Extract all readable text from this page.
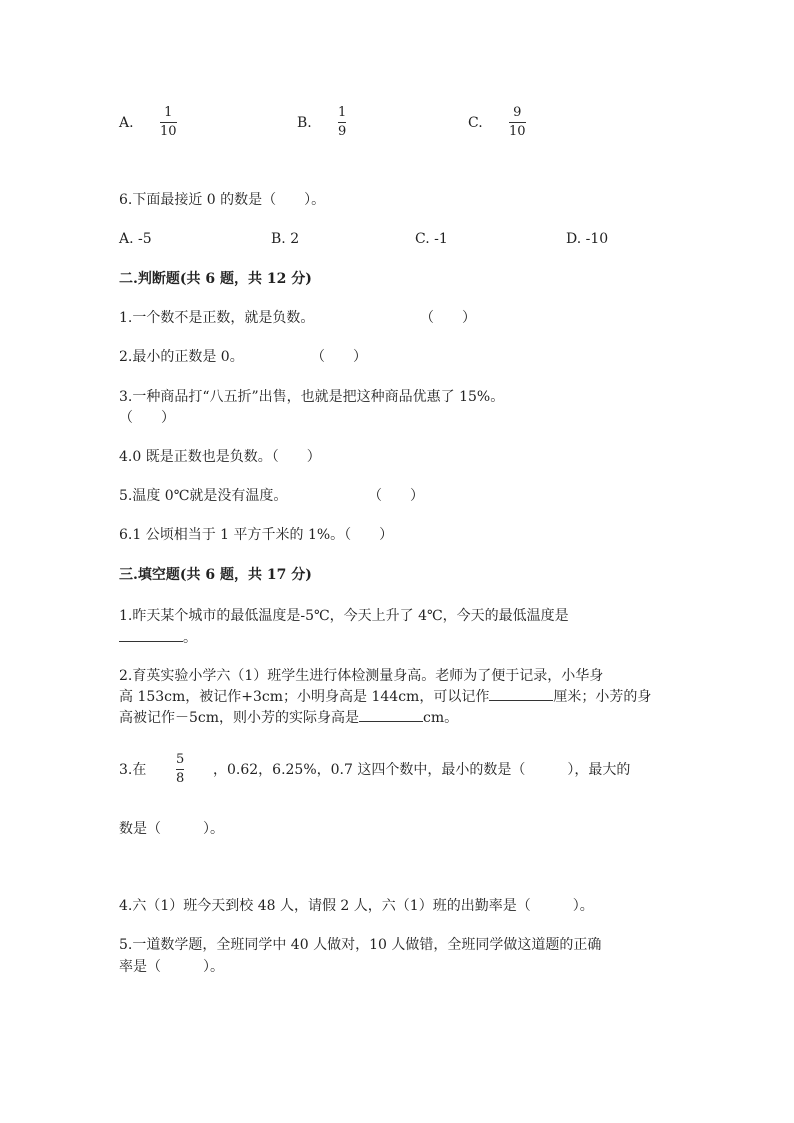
A.
1
10
B.
1
9
C.
9
10
6.下面最接近 0 的数是（　　）。
A. -5	B. 2	C. -1	D. -10
二.判断题(共 6 题，共 12 分)
1.一个数不是正数，就是负数。	（　　）
2.最小的正数是 0。	（　　）
3.一种商品打“八五折”出售，也就是把这种商品优惠了 15%。
（　　）
4.0 既是正数也是负数。（　　）
5.温度 0℃就是没有温度。	（　　）
6.1 公顷相当于 1 平方千米的 1%。（　　）
三.填空题(共 6 题，共 17 分)
1.昨天某个城市的最低温度是-5℃，今天上升了 4℃，今天的最低温度是
。
2.育英实验小学六（1）班学生进行体检测量身高。老师为了便于记录，小华身
高 153cm，被记作+3cm；小明身高是 144cm，可以记作	厘米；小芳的身
高被记作－5cm，则小芳的实际身高是	cm。
3.在
5
8
，0.62，6.25%，0.7 这四个数中，最小的数是（　　　），最大的
数是（　　　）。
4.六（1）班今天到校 48 人，请假 2 人，六（1）班的出勤率是（　　　）。
5.一道数学题，全班同学中 40 人做对，10 人做错，全班同学做这道题的正确
率是（　　　）。
